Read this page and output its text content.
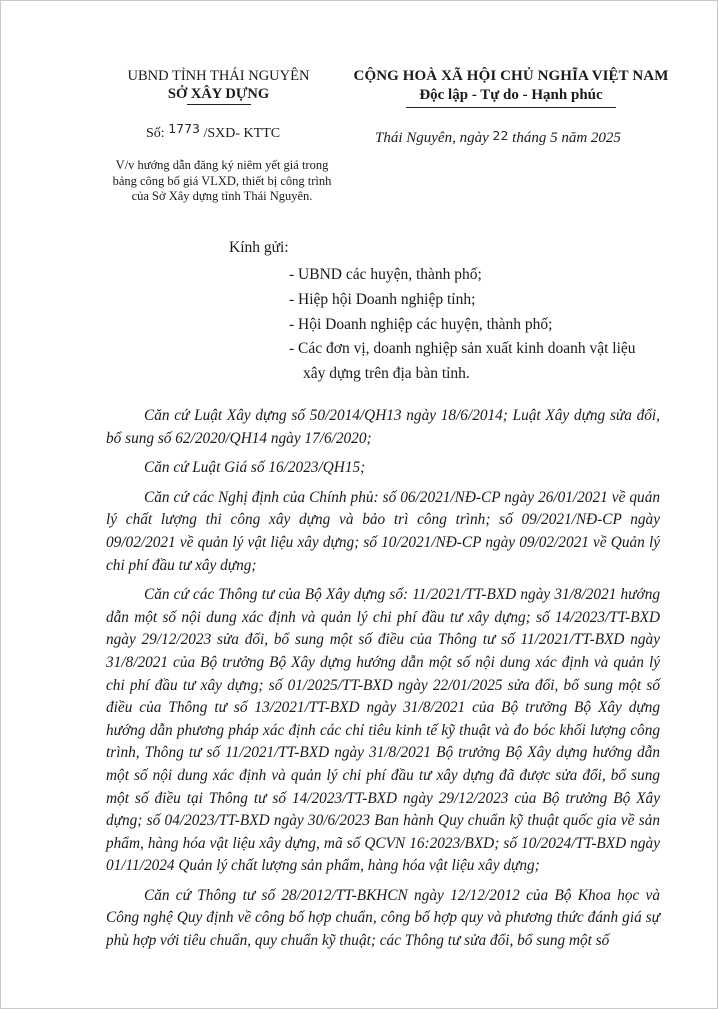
UBND TỈNH THÁI NGUYÊN
SỞ XÂY DỰNG
CỘNG HOÀ XÃ HỘI CHỦ NGHĨA VIỆT NAM
Độc lập - Tự do - Hạnh phúc
Số: 1773 /SXD- KTTC	Thái Nguyên, ngày 22 tháng 5 năm 2025
V/v hướng dẫn đăng ký niêm yết giá trong bảng công bố giá VLXD, thiết bị công trình của Sở Xây dựng tỉnh Thái Nguyên.
Kính gửi:
- UBND các huyện, thành phố;
- Hiệp hội Doanh nghiệp tỉnh;
- Hội Doanh nghiệp các huyện, thành phố;
- Các đơn vị, doanh nghiệp sản xuất kinh doanh vật liệu
xây dựng trên địa bàn tỉnh.

Căn cứ Luật Xây dựng số 50/2014/QH13 ngày 18/6/2014; Luật Xây dựng sửa đổi, bổ sung số 62/2020/QH14 ngày 17/6/2020;

Căn cứ Luật Giá số 16/2023/QH15;

Căn cứ các Nghị định của Chính phủ: số 06/2021/NĐ-CP ngày 26/01/2021 về quản lý chất lượng thi công xây dựng và bảo trì công trình; số 09/2021/NĐ-CP ngày 09/02/2021 về quản lý vật liệu xây dựng; số 10/2021/NĐ-CP ngày 09/02/2021 về Quản lý chi phí đầu tư xây dựng;

Căn cứ các Thông tư của Bộ Xây dựng số: 11/2021/TT-BXD ngày 31/8/2021 hướng dẫn một số nội dung xác định và quản lý chi phí đầu tư xây dựng; số 14/2023/TT-BXD ngày 29/12/2023 sửa đổi, bổ sung một số điều của Thông tư số 11/2021/TT-BXD ngày 31/8/2021 của Bộ trưởng Bộ Xây dựng hướng dẫn một số nội dung xác định và quản lý chi phí đầu tư xây dựng; số 01/2025/TT-BXD ngày 22/01/2025 sửa đổi, bổ sung một số điều của Thông tư số 13/2021/TT-BXD ngày 31/8/2021 của Bộ trưởng Bộ Xây dựng hướng dẫn phương pháp xác định các chỉ tiêu kinh tế kỹ thuật và đo bóc khối lượng công trình, Thông tư số 11/2021/TT-BXD ngày 31/8/2021 Bộ trưởng Bộ Xây dựng hướng dẫn một số nội dung xác định và quản lý chi phí đầu tư xây dựng đã được sửa đổi, bổ sung một số điều tại Thông tư số 14/2023/TT-BXD ngày 29/12/2023 của Bộ trưởng Bộ Xây dựng; số 04/2023/TT-BXD ngày 30/6/2023 Ban hành Quy chuẩn kỹ thuật quốc gia về sản phẩm, hàng hóa vật liệu xây dựng, mã số QCVN 16:2023/BXD; số 10/2024/TT-BXD ngày 01/11/2024 Quản lý chất lượng sản phẩm, hàng hóa vật liệu xây dựng;

Căn cứ Thông tư số 28/2012/TT-BKHCN ngày 12/12/2012 của Bộ Khoa học và Công nghệ Quy định về công bố hợp chuẩn, công bố hợp quy và phương thức đánh giá sự phù hợp với tiêu chuẩn, quy chuẩn kỹ thuật; các Thông tư sửa đổi, bổ sung một số
